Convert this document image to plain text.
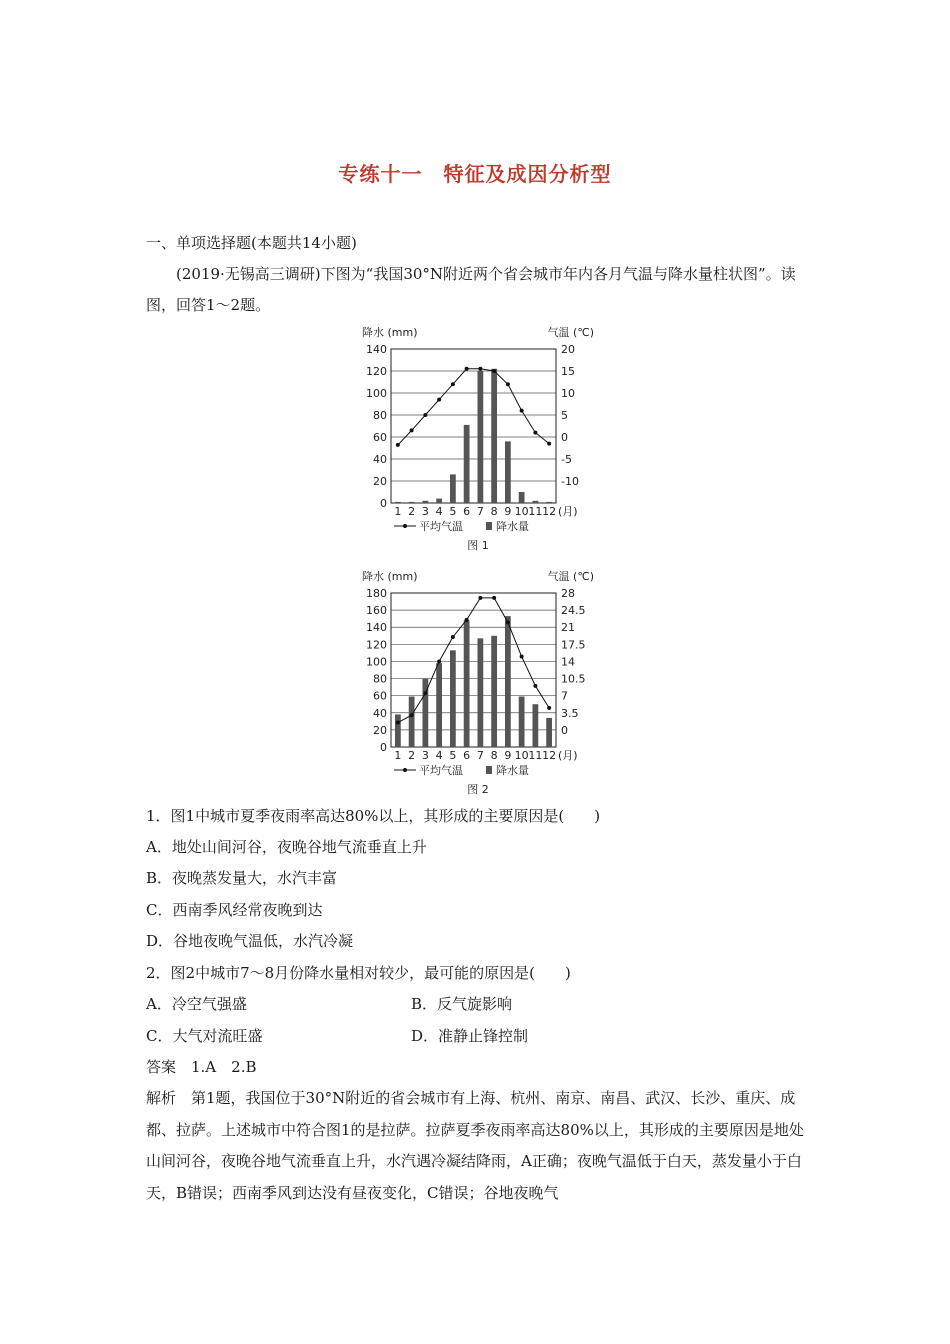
专练十一　特征及成因分析型
一、单项选择题(本题共14小题)
(2019·无锡高三调研)下图为“我国30°N附近两个省会城市年内各月气温与降水量柱状图”。读图，回答1～2题。
降水 (mm)	气温 (℃)
0
20
40
60
80
100
120
140
-10
-5
0
5
10
15
20
1 2 3 4 5 6 7 8 9 10 11 12 (月)
平均气温	降水量
图 1
降水 (mm)	气温 (℃)
0
20
40
60
80
100
120
140
160
180
0
3.5
7
10.5
14
17.5
21
24.5
28
1 2 3 4 5 6 7 8 9 10 11 12 (月)
平均气温	降水量
图 2
1．图1中城市夏季夜雨率高达80%以上，其形成的主要原因是(　　)
A．地处山间河谷，夜晚谷地气流垂直上升
B．夜晚蒸发量大，水汽丰富
C．西南季风经常夜晚到达
D．谷地夜晚气温低，水汽冷凝
2．图2中城市7～8月份降水量相对较少，最可能的原因是(　　)
A．冷空气强盛	B．反气旋影响
C．大气对流旺盛	D．准静止锋控制
答案　1.A　2.B
解析　第1题，我国位于30°N附近的省会城市有上海、杭州、南京、南昌、武汉、长沙、重庆、成都、拉萨。上述城市中符合图1的是拉萨。拉萨夏季夜雨率高达80%以上，其形成的主要原因是地处山间河谷，夜晚谷地气流垂直上升，水汽遇冷凝结降雨，A正确；夜晚气温低于白天，蒸发量小于白天，B错误；西南季风到达没有昼夜变化，C错误；谷地夜晚气
